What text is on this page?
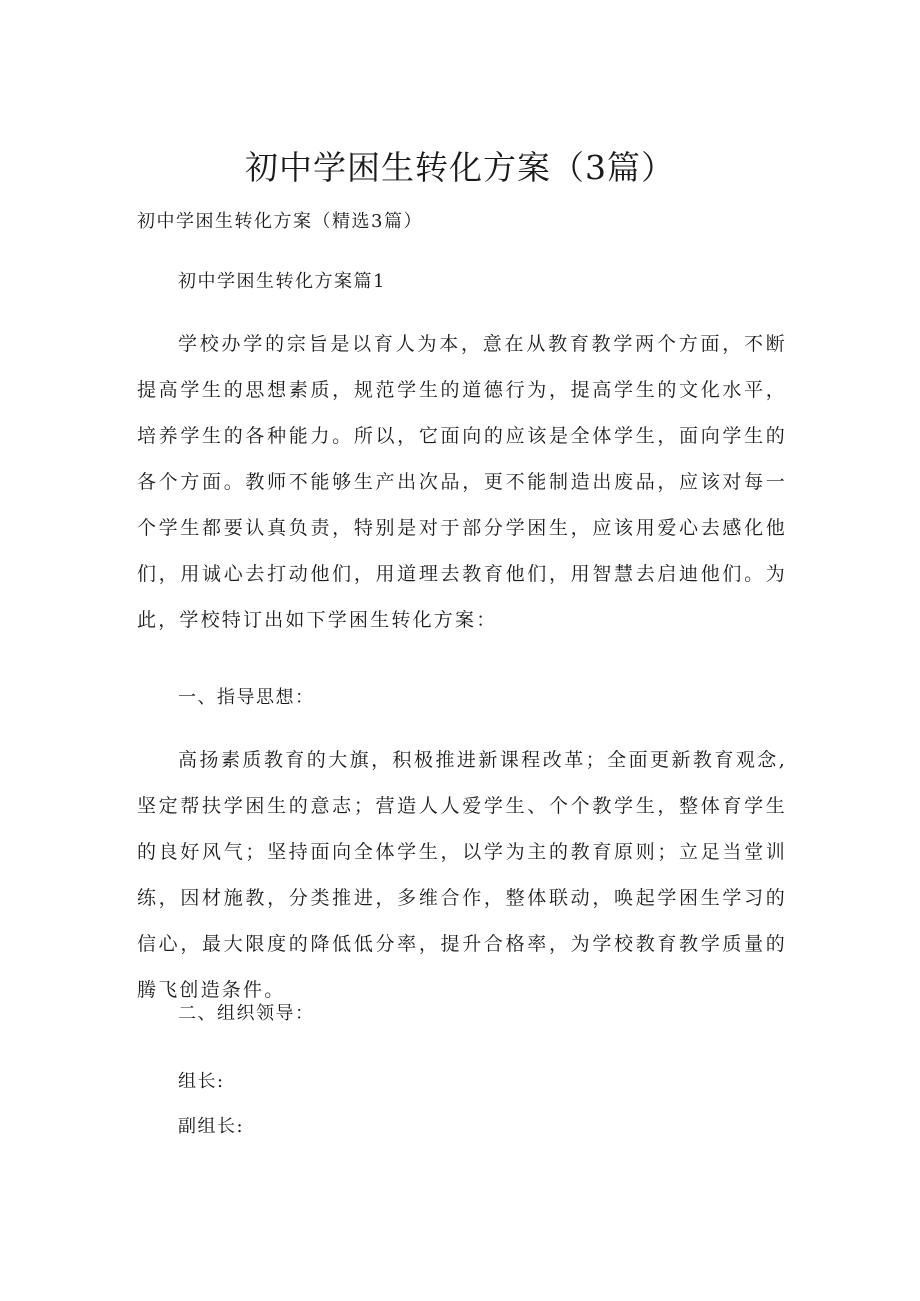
初中学困生转化方案（3篇）

初中学困生转化方案（精选3篇）

初中学困生转化方案篇1

学校办学的宗旨是以育人为本，意在从教育教学两个方面，不断提高学生的思想素质，规范学生的道德行为，提高学生的文化水平，培养学生的各种能力。所以，它面向的应该是全体学生，面向学生的各个方面。教师不能够生产出次品，更不能制造出废品，应该对每一个学生都要认真负责，特别是对于部分学困生，应该用爱心去感化他们，用诚心去打动他们，用道理去教育他们，用智慧去启迪他们。为此，学校特订出如下学困生转化方案：

一、指导思想：

高扬素质教育的大旗，积极推进新课程改革；全面更新教育观念,坚定帮扶学困生的意志；营造人人爱学生、个个教学生，整体育学生的良好风气；坚持面向全体学生，以学为主的教育原则；立足当堂训练，因材施教，分类推进，多维合作，整体联动，唤起学困生学习的信心，最大限度的降低低分率，提升合格率，为学校教育教学质量的腾飞创造条件。

二、组织领导：

组长:

副组长:
